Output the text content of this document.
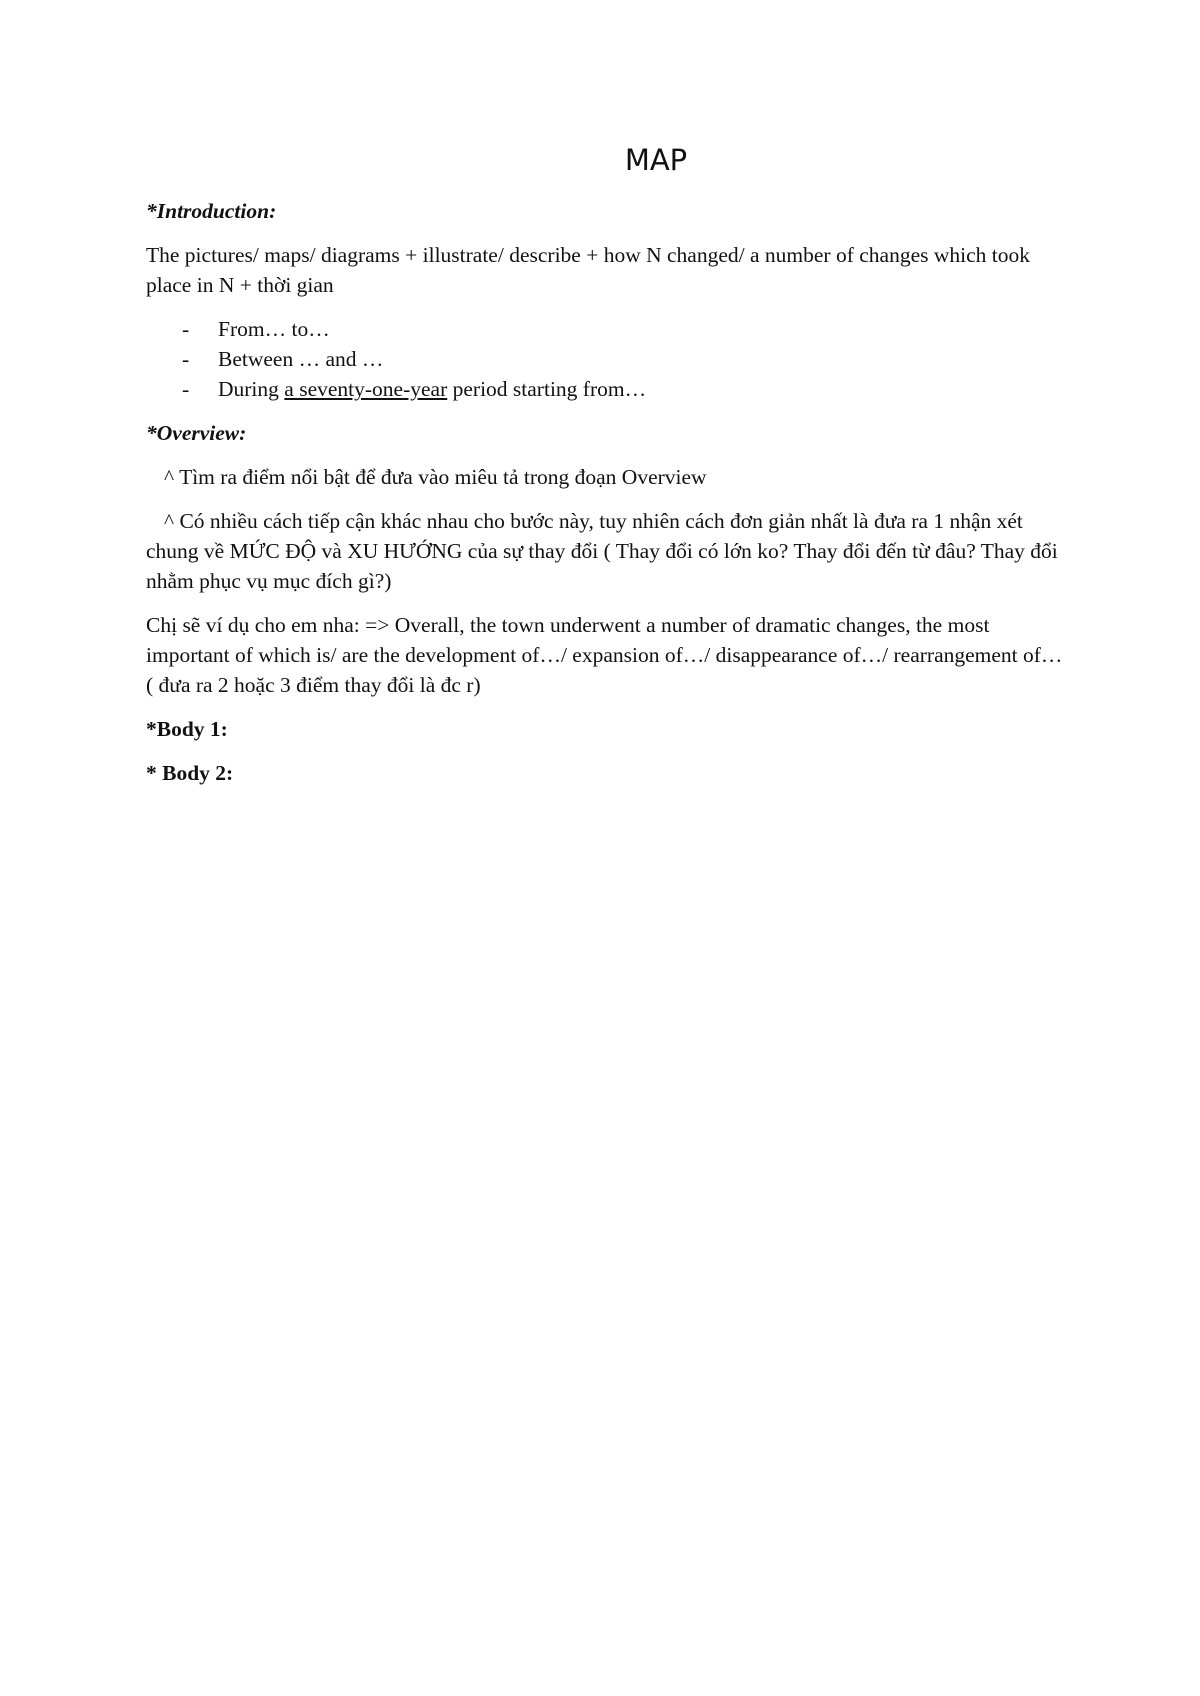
MAP
*Introduction:

The pictures/ maps/ diagrams + illustrate/ describe + how N changed/ a number of changes which took place in N + thời gian

- From… to…
- Between … and …
- During a seventy-one-year period starting from…
*Overview:

^ Tìm ra điểm nổi bật để đưa vào miêu tả trong đoạn Overview

^ Có nhiều cách tiếp cận khác nhau cho bước này, tuy nhiên cách đơn giản nhất là đưa ra 1 nhận xét chung về MỨC ĐỘ và XU HƯỚNG của sự thay đổi ( Thay đổi có lớn ko? Thay đổi đến từ đâu? Thay đổi nhằm phục vụ mục đích gì?)

Chị sẽ ví dụ cho em nha: => Overall, the town underwent a number of dramatic changes, the most important of which is/ are the development of…/ expansion of…/ disappearance of…/ rearrangement of… ( đưa ra 2 hoặc 3 điểm thay đổi là đc r)

*Body 1:
* Body 2:
